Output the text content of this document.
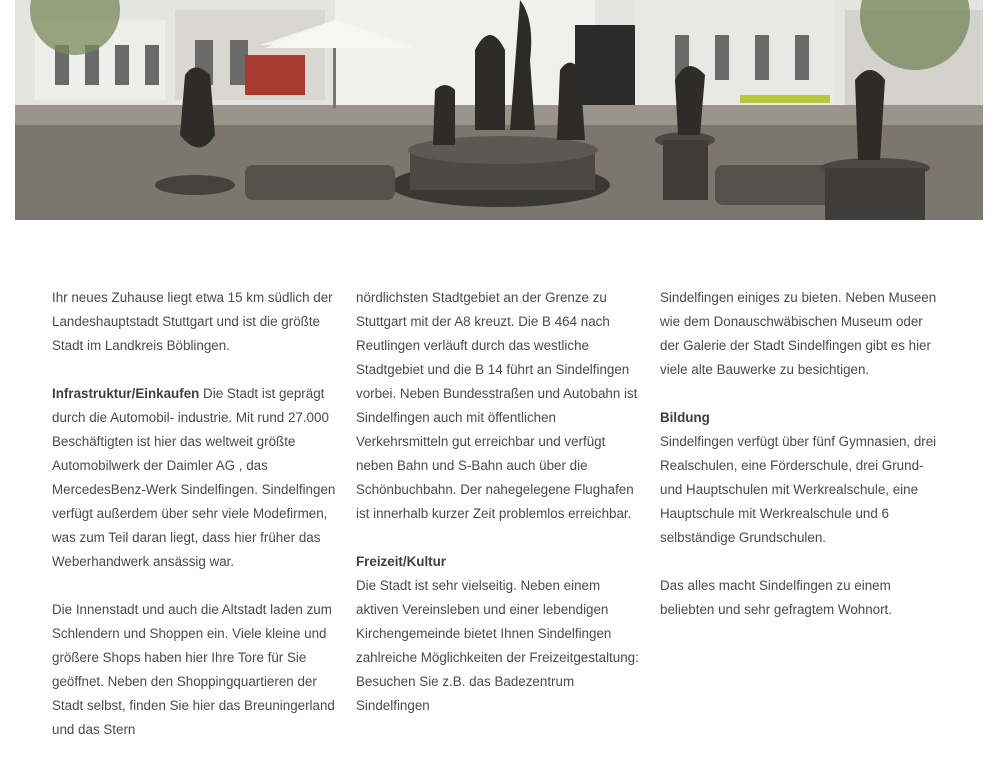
Ihr neues Zuhause liegt etwa 15 km südlich der Landeshauptstadt Stuttgart und ist die größte Stadt im Landkreis Böblingen.

Infrastruktur/Einkaufen Die Stadt ist geprägt durch die Automobil- industrie. Mit rund 27.000 Beschäftigten ist hier das weltweit größte Automobilwerk der Daimler AG , das MercedesBenz-Werk Sindelfingen. Sindelfingen verfügt außerdem über sehr viele Modefirmen, was zum Teil daran liegt, dass hier früher das Weberhandwerk ansässig war.

Die Innenstadt und auch die Altstadt laden zum Schlendern und Shoppen ein. Viele kleine und größere Shops haben hier Ihre Tore für Sie geöffnet. Neben den Shoppingquartieren der Stadt selbst, finden Sie hier das Breuningerland und das Stern

nördlichsten Stadtgebiet an der Grenze zu Stuttgart mit der A8 kreuzt. Die B 464 nach Reutlingen verläuft durch das westliche Stadtgebiet und die B 14 führt an Sindelfingen vorbei. Neben Bundesstraßen und Autobahn ist Sindelfingen auch mit öffentlichen Verkehrsmitteln gut erreichbar und verfügt neben Bahn und S-Bahn auch über die Schönbuchbahn. Der nahegelegene Flughafen ist innerhalb kurzer Zeit problemlos erreichbar.

Freizeit/Kultur

Die Stadt ist sehr vielseitig. Neben einem aktiven Vereinsleben und einer lebendigen Kirchengemeinde bietet Ihnen Sindelfingen zahlreiche Möglichkeiten der Freizeitgestaltung: Besuchen Sie z.B. das Badezentrum Sindelfingen

Sindelfingen einiges zu bieten. Neben Museen wie dem Donauschwäbischen Museum oder der Galerie der Stadt Sindelfingen gibt es hier viele alte Bauwerke zu besichtigen.

Bildung

Sindelfingen verfügt über fünf Gymnasien, drei Realschulen, eine Förderschule, drei Grund- und Hauptschulen mit Werkrealschule, eine Hauptschule mit Werkrealschule und 6 selbständige Grundschulen.

Das alles macht Sindelfingen zu einem beliebten und sehr gefragtem Wohnort.
